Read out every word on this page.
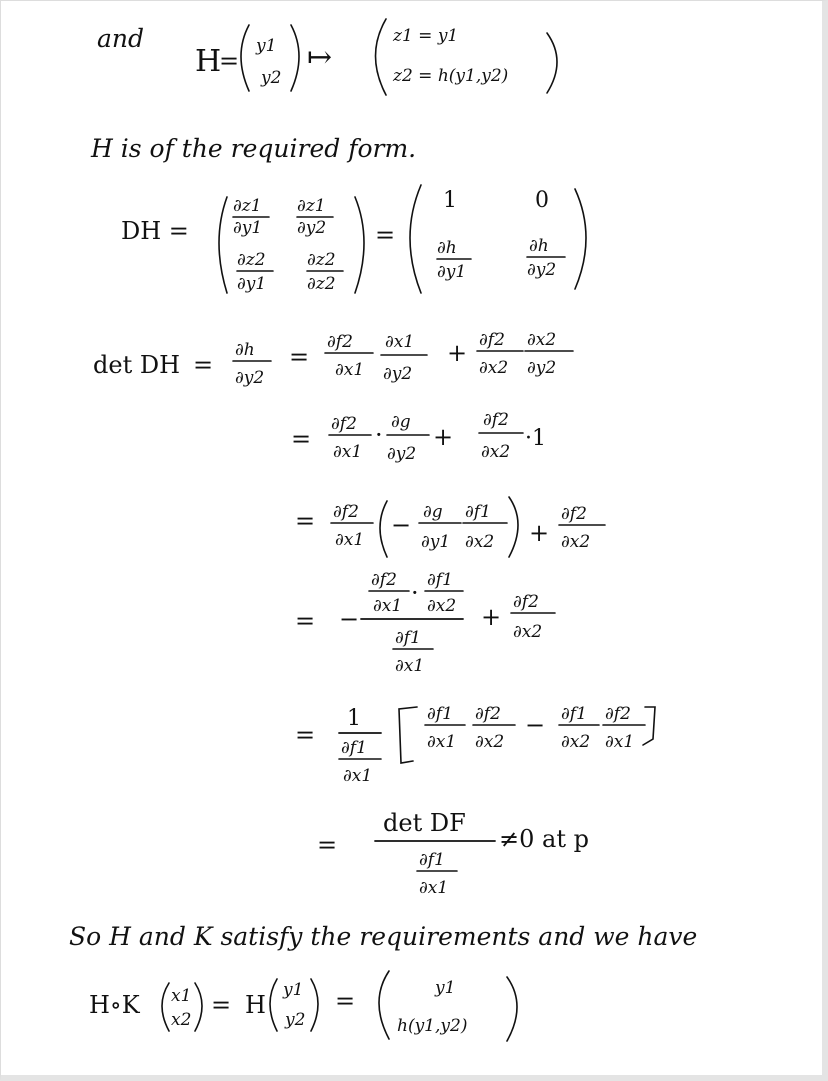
and
H
=
y1
y2
↦
z1 = y1
z2 = h(y1,y2)
H is of the required form.
DH =
∂z1
∂y1
∂z1
∂y2
∂z2
∂y1
∂z2
∂z2
=
1	0
∂h
∂y1
∂h
∂y2
det DH =
∂h
∂y2
=
∂f2
∂x1
∂x1
∂y2
+ ∂f2
∂x2
∂x2
∂y2
=
∂f2
∂x1
· ∂g
∂y2
+
∂f2
∂x2
·1
= ∂f2
∂x1
− ∂g
∂y1
∂f1
∂x2 +
∂f2
∂x2
= −
∂f2
∂x1 · ∂f1
∂x2
∂f1
∂x1
+
∂f2
∂x2
=
1
∂f1
∂x1
∂f1
∂x1
∂f2
∂x2
− ∂f1
∂x2
∂f2
∂x1
=
det DF
∂f1
∂x1
≠0 at p
So H and K satisfy the requirements and we have
H∘K x1
x2
= H
y1
y2
=	y1
h(y1,y2)
